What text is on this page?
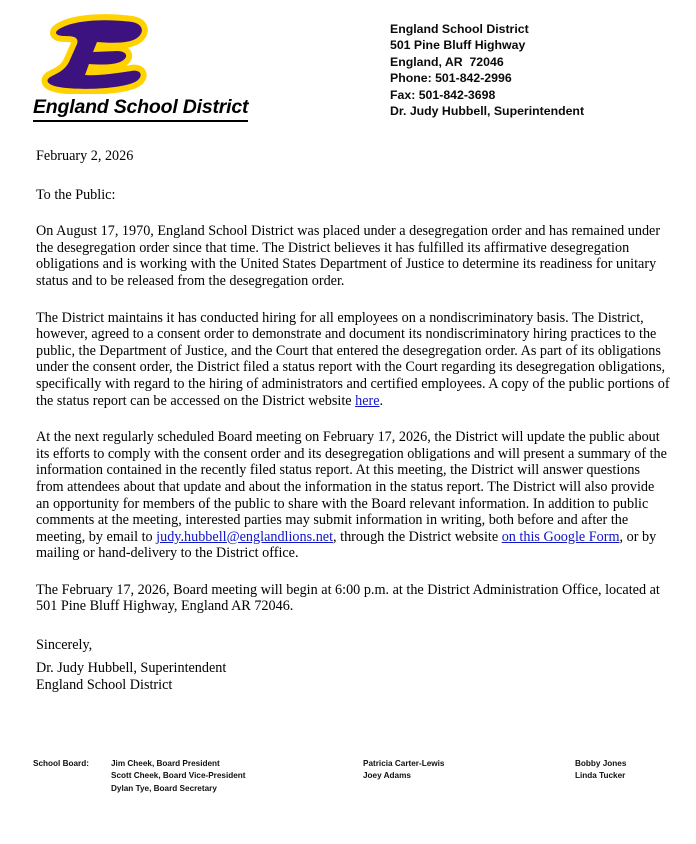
England School District
England School District
501 Pine Bluff Highway
England, AR  72046
Phone: 501-842-2996
Fax: 501-842-3698
Dr. Judy Hubbell, Superintendent
February 2, 2026
To the Public:

On August 17, 1970, England School District was placed under a desegregation order and has remained under the desegregation order since that time. The District believes it has fulfilled its affirmative desegregation obligations and is working with the United States Department of Justice to determine its readiness for unitary status and to be released from the desegregation order.

The District maintains it has conducted hiring for all employees on a nondiscriminatory basis. The District, however, agreed to a consent order to demonstrate and document its nondiscriminatory hiring practices to the public, the Department of Justice, and the Court that entered the desegregation order. As part of its obligations under the consent order, the District filed a status report with the Court regarding its desegregation obligations, specifically with regard to the hiring of administrators and certified employees. A copy of the public portions of the status report can be accessed on the District website here.

At the next regularly scheduled Board meeting on February 17, 2026, the District will update the public about its efforts to comply with the consent order and its desegregation obligations and will present a summary of the information contained in the recently filed status report. At this meeting, the District will answer questions from attendees about that update and about the information in the status report. The District will also provide an opportunity for members of the public to share with the Board relevant information. In addition to public comments at the meeting, interested parties may submit information in writing, both before and after the meeting, by email to judy.hubbell@englandlions.net, through the District website on this Google Form, or by mailing or hand-delivery to the District office.

The February 17, 2026, Board meeting will begin at 6:00 p.m. at the District Administration Office, located at 501 Pine Bluff Highway, England AR 72046.

Sincerely,
Dr. Judy Hubbell, Superintendent
England School District
School Board:	Jim Cheek, Board President
Scott Cheek, Board Vice-President
Dylan Tye, Board Secretary
Patricia Carter-Lewis
Joey Adams
Bobby Jones
Linda Tucker
